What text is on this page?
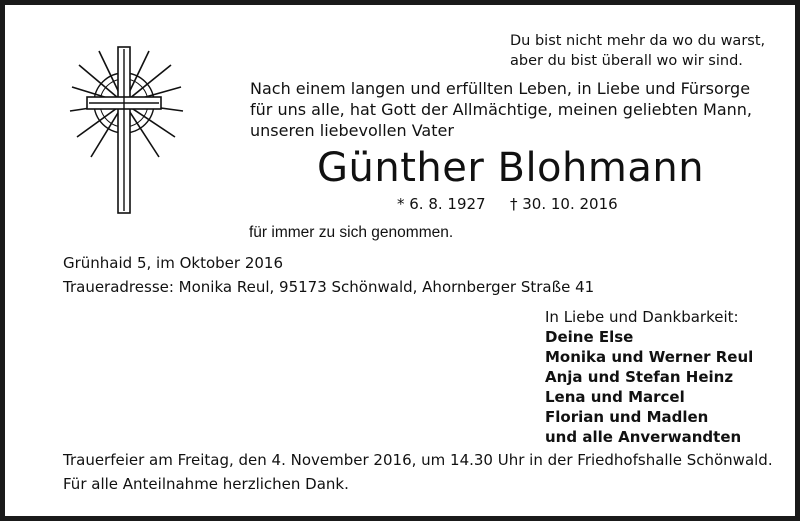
Du bist nicht mehr da wo du warst,
aber du bist überall wo wir sind.
Nach einem langen und erfüllten Leben, in Liebe und Fürsorge
für uns alle, hat Gott der Allmächtige, meinen geliebten Mann,
unseren liebevollen Vater
Günther Blohmann
* 6. 8. 1927 † 30. 10. 2016
für immer zu sich genommen.
Grünhaid 5, im Oktober 2016
Traueradresse: Monika Reul, 95173 Schönwald, Ahornberger Straße 41
In Liebe und Dankbarkeit:
Deine Else
Monika und Werner Reul
Anja und Stefan Heinz
Lena und Marcel
Florian und Madlen
und alle Anverwandten
Trauerfeier am Freitag, den 4. November 2016, um 14.30 Uhr in der Friedhofshalle Schönwald.
Für alle Anteilnahme herzlichen Dank.
